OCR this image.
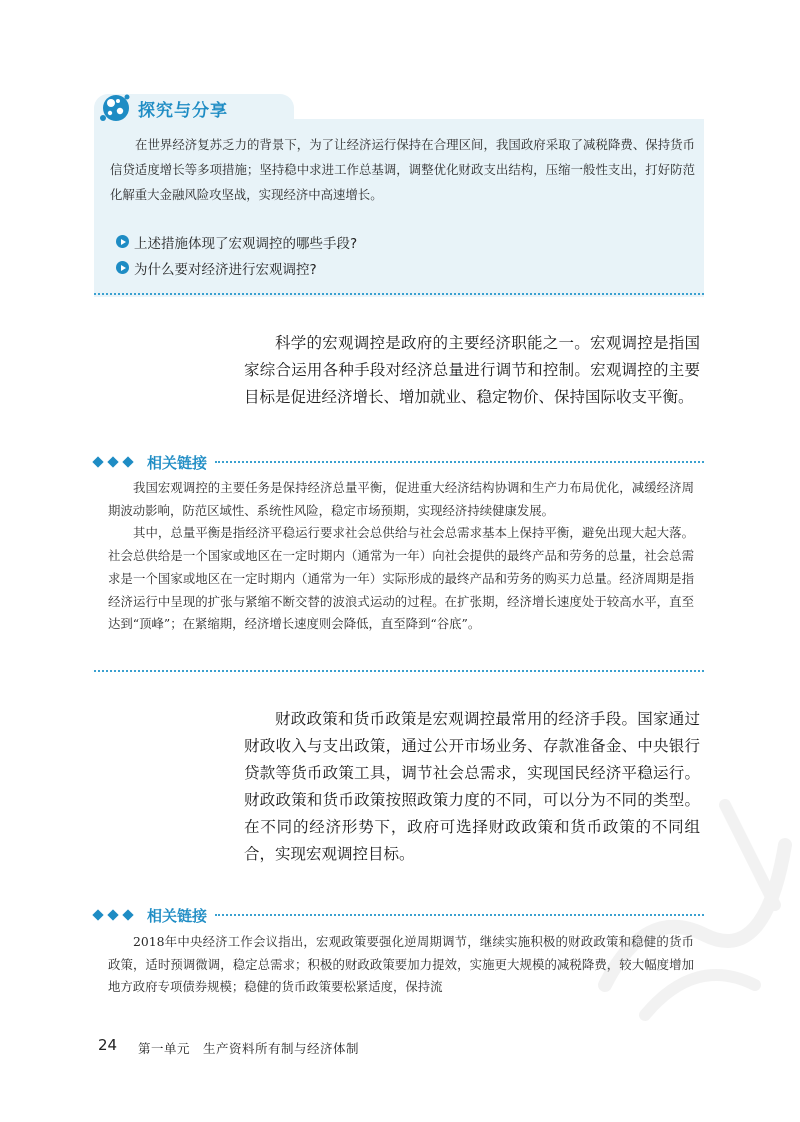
探究与分享
在世界经济复苏乏力的背景下，为了让经济运行保持在合理区间，我国政府采取了减税降费、保持货币信贷适度增长等多项措施；坚持稳中求进工作总基调，调整优化财政支出结构，压缩一般性支出，打好防范化解重大金融风险攻坚战，实现经济中高速增长。
上述措施体现了宏观调控的哪些手段?
为什么要对经济进行宏观调控?
科学的宏观调控是政府的主要经济职能之一。宏观调控是指国家综合运用各种手段对经济总量进行调节和控制。宏观调控的主要目标是促进经济增长、增加就业、稳定物价、保持国际收支平衡。
相关链接

我国宏观调控的主要任务是保持经济总量平衡，促进重大经济结构协调和生产力布局优化，减缓经济周期波动影响，防范区域性、系统性风险，稳定市场预期，实现经济持续健康发展。

其中，总量平衡是指经济平稳运行要求社会总供给与社会总需求基本上保持平衡，避免出现大起大落。社会总供给是一个国家或地区在一定时期内（通常为一年）向社会提供的最终产品和劳务的总量，社会总需求是一个国家或地区在一定时期内（通常为一年）实际形成的最终产品和劳务的购买力总量。经济周期是指经济运行中呈现的扩张与紧缩不断交替的波浪式运动的过程。在扩张期，经济增长速度处于较高水平，直至达到“顶峰”；在紧缩期，经济增长速度则会降低，直至降到“谷底”。

财政政策和货币政策是宏观调控最常用的经济手段。国家通过财政收入与支出政策，通过公开市场业务、存款准备金、中央银行贷款等货币政策工具，调节社会总需求，实现国民经济平稳运行。财政政策和货币政策按照政策力度的不同，可以分为不同的类型。在不同的经济形势下，政府可选择财政政策和货币政策的不同组合，实现宏观调控目标。
相关链接

2018年中央经济工作会议指出，宏观政策要强化逆周期调节，继续实施积极的财政政策和稳健的货币政策，适时预调微调，稳定总需求；积极的财政政策要加力提效，实施更大规模的减税降费，较大幅度增加地方政府专项债券规模；稳健的货币政策要松紧适度，保持流

24 第一单元　生产资料所有制与经济体制
